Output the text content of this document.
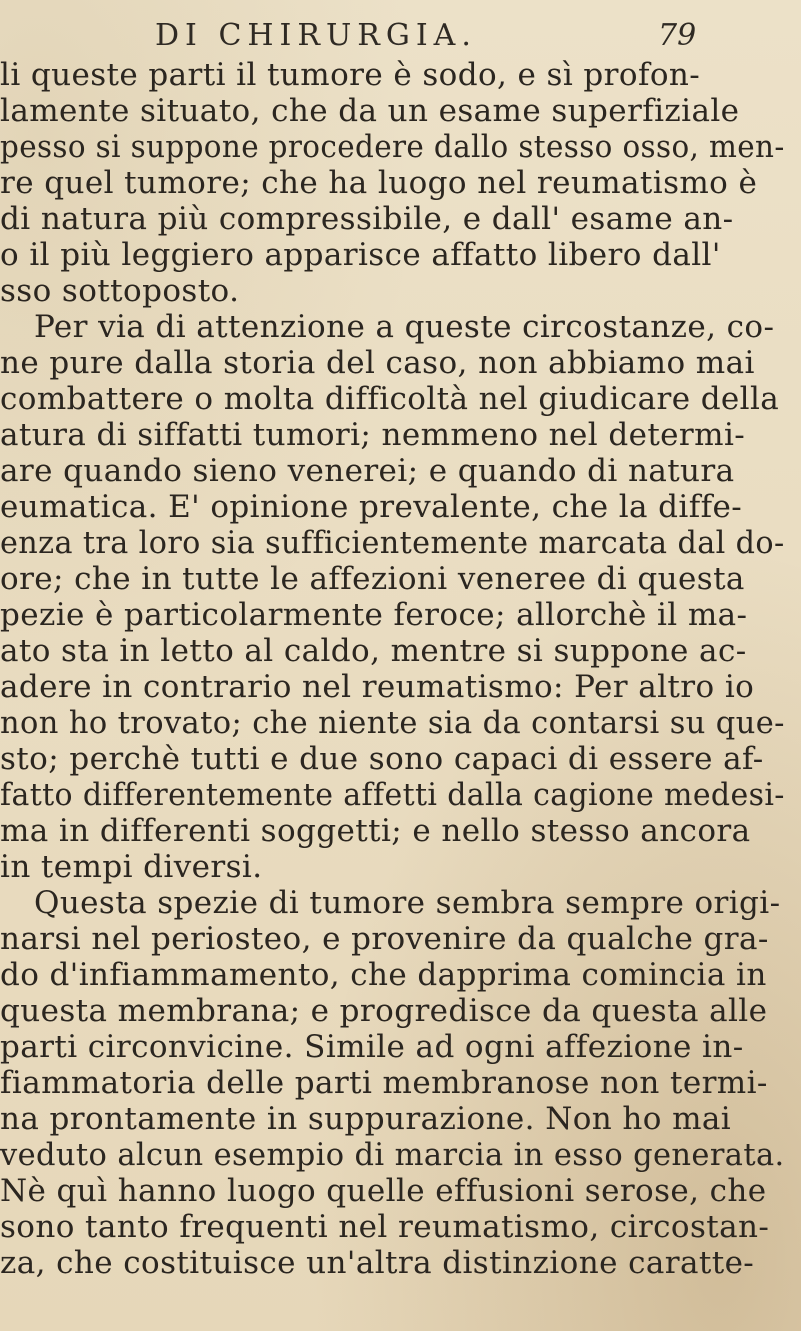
DI CHIRURGIA.	79
li queste parti il tumore è sodo, e sì profon-
lamente situato, che da un esame superfiziale
pesso si suppone procedere dallo stesso osso, men-
re quel tumore; che ha luogo nel reumatismo è
di natura più compressibile, e dall' esame an-
o il più leggiero apparisce affatto libero dall'
sso sottoposto.
Per via di attenzione a queste circostanze, co-
ne pure dalla storia del caso, non abbiamo mai
combattere o molta difficoltà nel giudicare della
atura di siffatti tumori; nemmeno nel determi-
are quando sieno venerei; e quando di natura
eumatica. E' opinione prevalente, che la diffe-
enza tra loro sia sufficientemente marcata dal do-
ore; che in tutte le affezioni veneree di questa
pezie è particolarmente feroce; allorchè il ma-
ato sta in letto al caldo, mentre si suppone ac-
adere in contrario nel reumatismo: Per altro io
non ho trovato; che niente sia da contarsi su que-
sto; perchè tutti e due sono capaci di essere af-
fatto differentemente affetti dalla cagione medesi-
ma in differenti soggetti; e nello stesso ancora
in tempi diversi.
Questa spezie di tumore sembra sempre origi-
narsi nel periosteo, e provenire da qualche gra-
do d'infiammamento, che dapprima comincia in
questa membrana; e progredisce da questa alle
parti circonvicine. Simile ad ogni affezione in-
fiammatoria delle parti membranose non termi-
na prontamente in suppurazione. Non ho mai
veduto alcun esempio di marcia in esso generata.
Nè quì hanno luogo quelle effusioni serose, che
sono tanto frequenti nel reumatismo, circostan-
za, che costituisce un'altra distinzione caratte-
